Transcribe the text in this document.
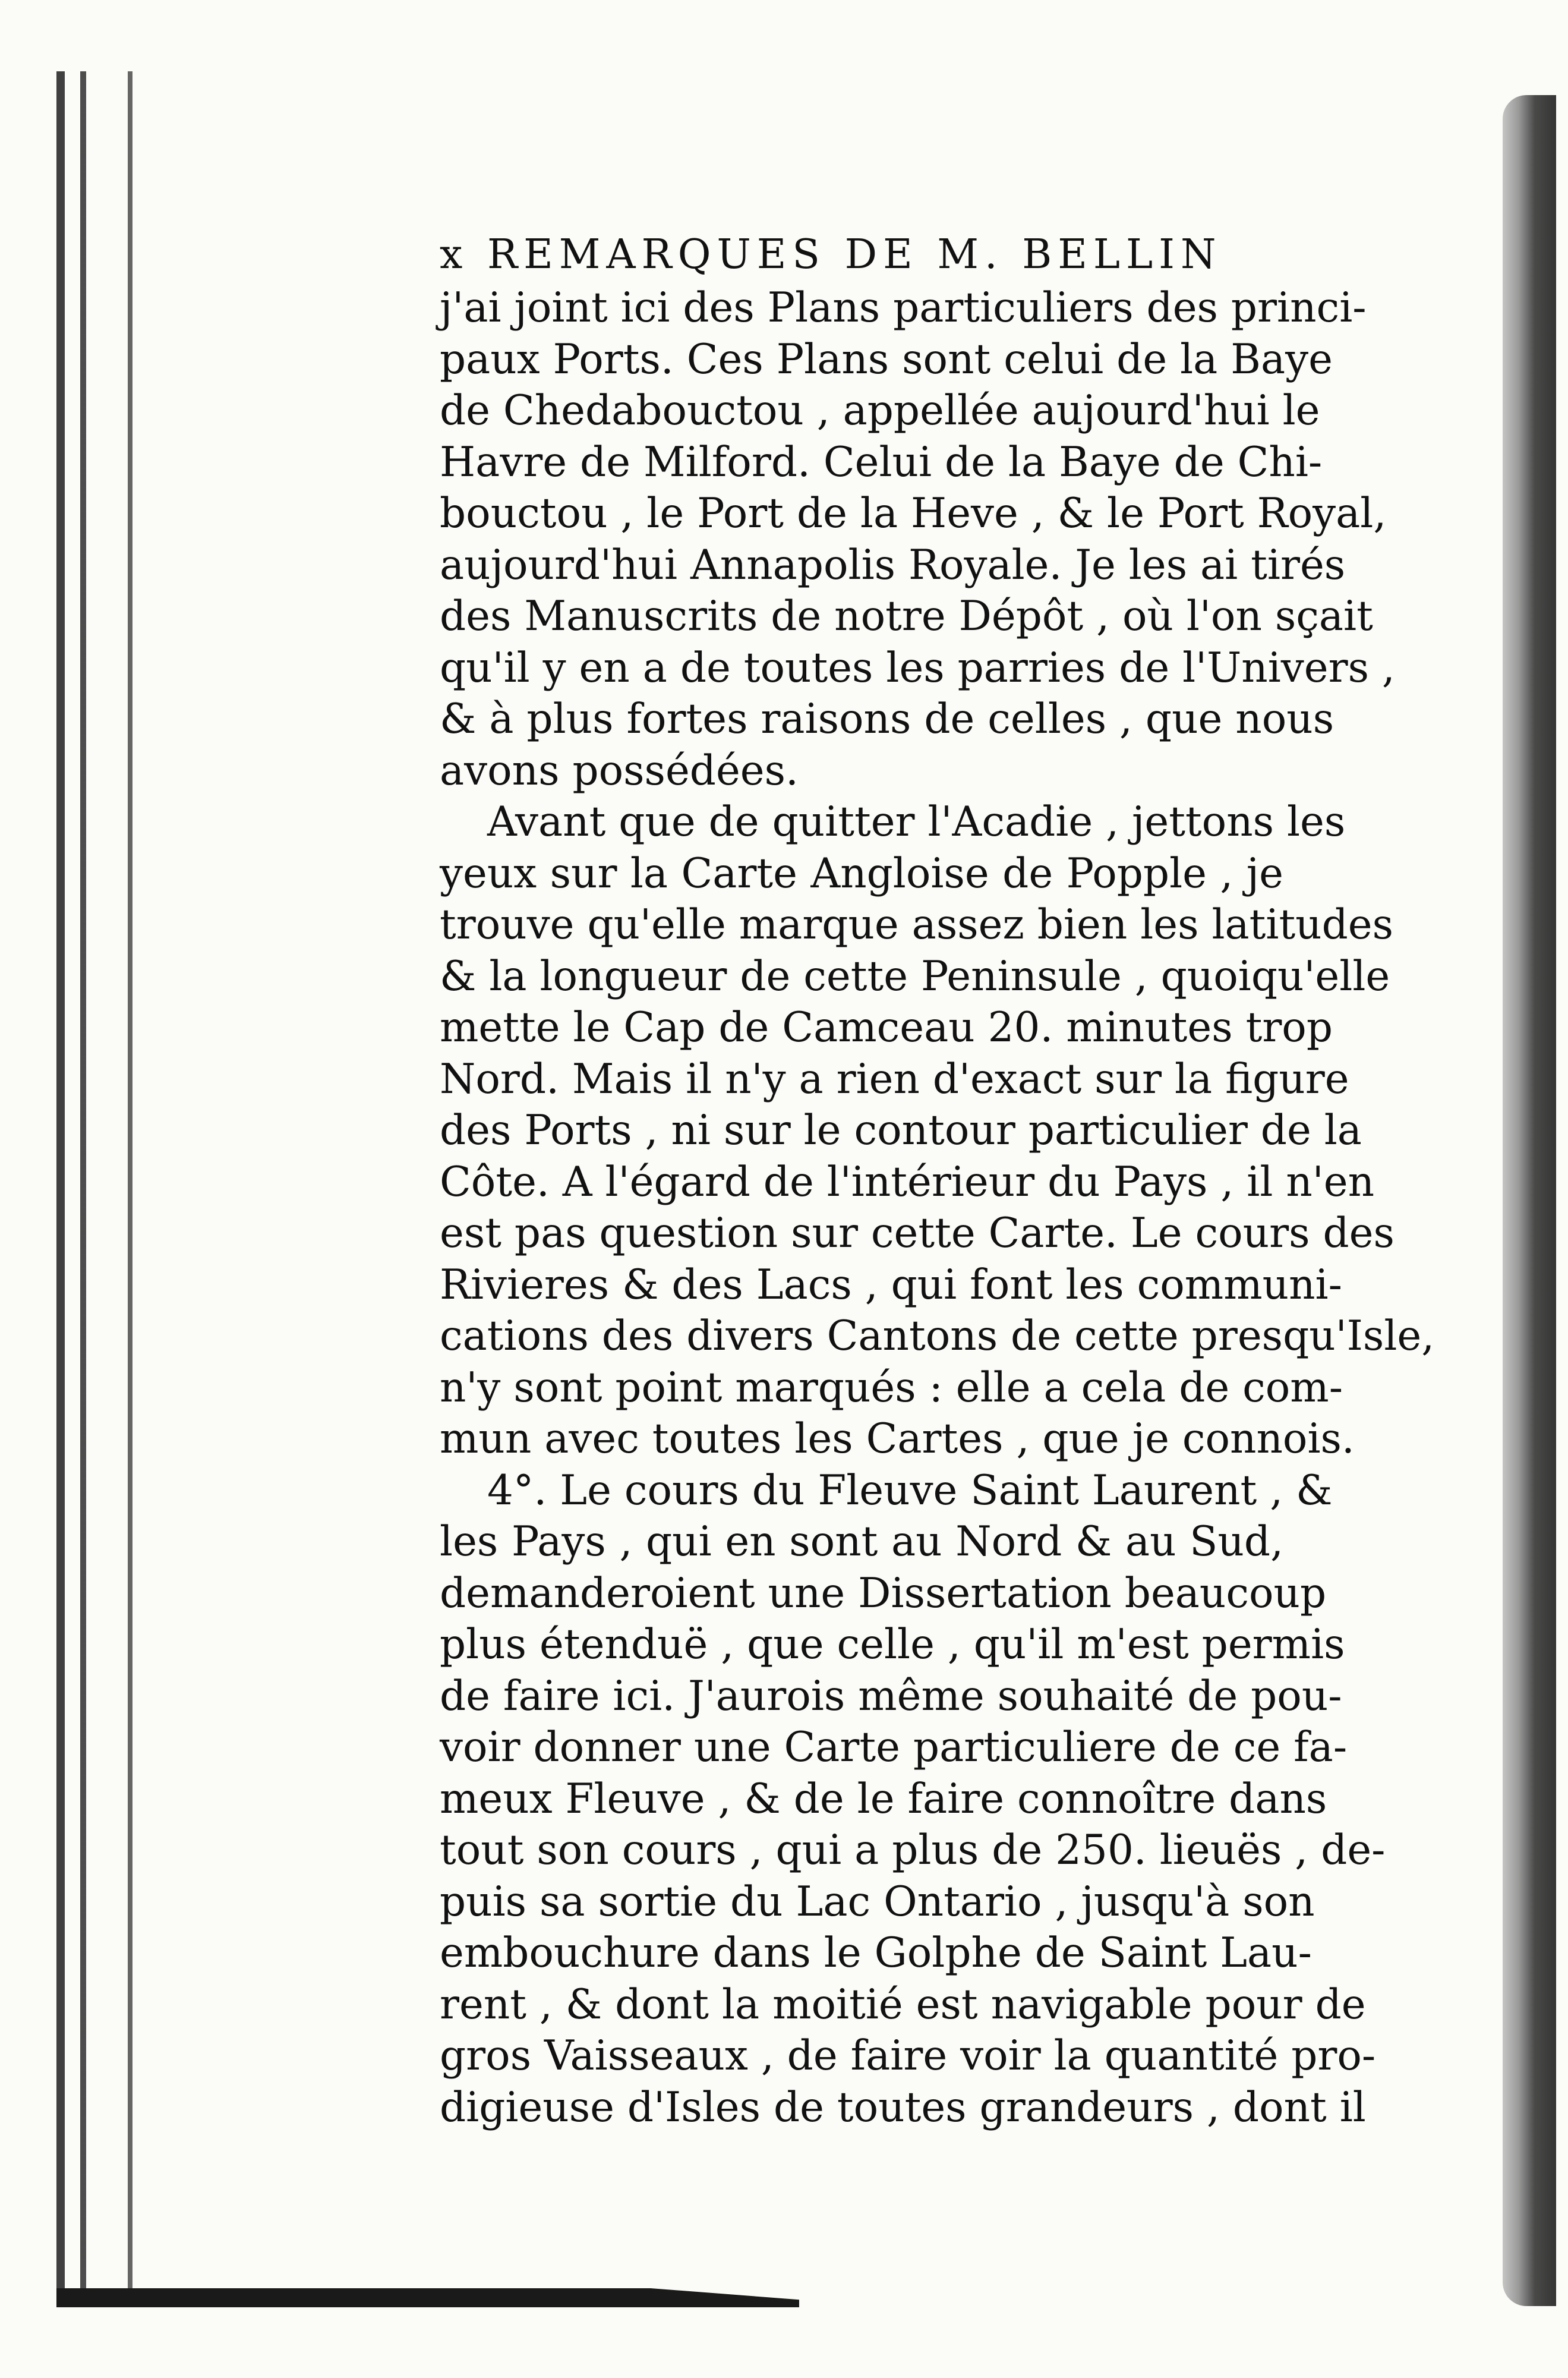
x REMARQUES DE M. BELLIN

j'ai joint ici des Plans particuliers des princi-

paux Ports. Ces Plans sont celui de la Baye

de Chedabouctou , appellée aujourd'hui le

Havre de Milford. Celui de la Baye de Chi-

bouctou , le Port de la Heve , & le Port Royal,

aujourd'hui Annapolis Royale. Je les ai tirés

des Manuscrits de notre Dépôt , où l'on sçait

qu'il y en a de toutes les parries de l'Univers ,

& à plus fortes raisons de celles , que nous

avons possédées.

Avant que de quitter l'Acadie , jettons les

yeux sur la Carte Angloise de Popple , je

trouve qu'elle marque assez bien les latitudes

& la longueur de cette Peninsule , quoiqu'elle

mette le Cap de Camceau 20. minutes trop

Nord. Mais il n'y a rien d'exact sur la figure

des Ports , ni sur le contour particulier de la

Côte. A l'égard de l'intérieur du Pays , il n'en

est pas question sur cette Carte. Le cours des

Rivieres & des Lacs , qui font les communi-

cations des divers Cantons de cette presqu'Isle,

n'y sont point marqués : elle a cela de com-

mun avec toutes les Cartes , que je connois.

4°. Le cours du Fleuve Saint Laurent , &

les Pays , qui en sont au Nord & au Sud,

demanderoient une Dissertation beaucoup

plus étenduë , que celle , qu'il m'est permis

de faire ici. J'aurois même souhaité de pou-

voir donner une Carte particuliere de ce fa-

meux Fleuve , & de le faire connoître dans

tout son cours , qui a plus de 250. lieuës , de-

puis sa sortie du Lac Ontario , jusqu'à son

embouchure dans le Golphe de Saint Lau-

rent , & dont la moitié est navigable pour de

gros Vaisseaux , de faire voir la quantité pro-

digieuse d'Isles de toutes grandeurs , dont il
